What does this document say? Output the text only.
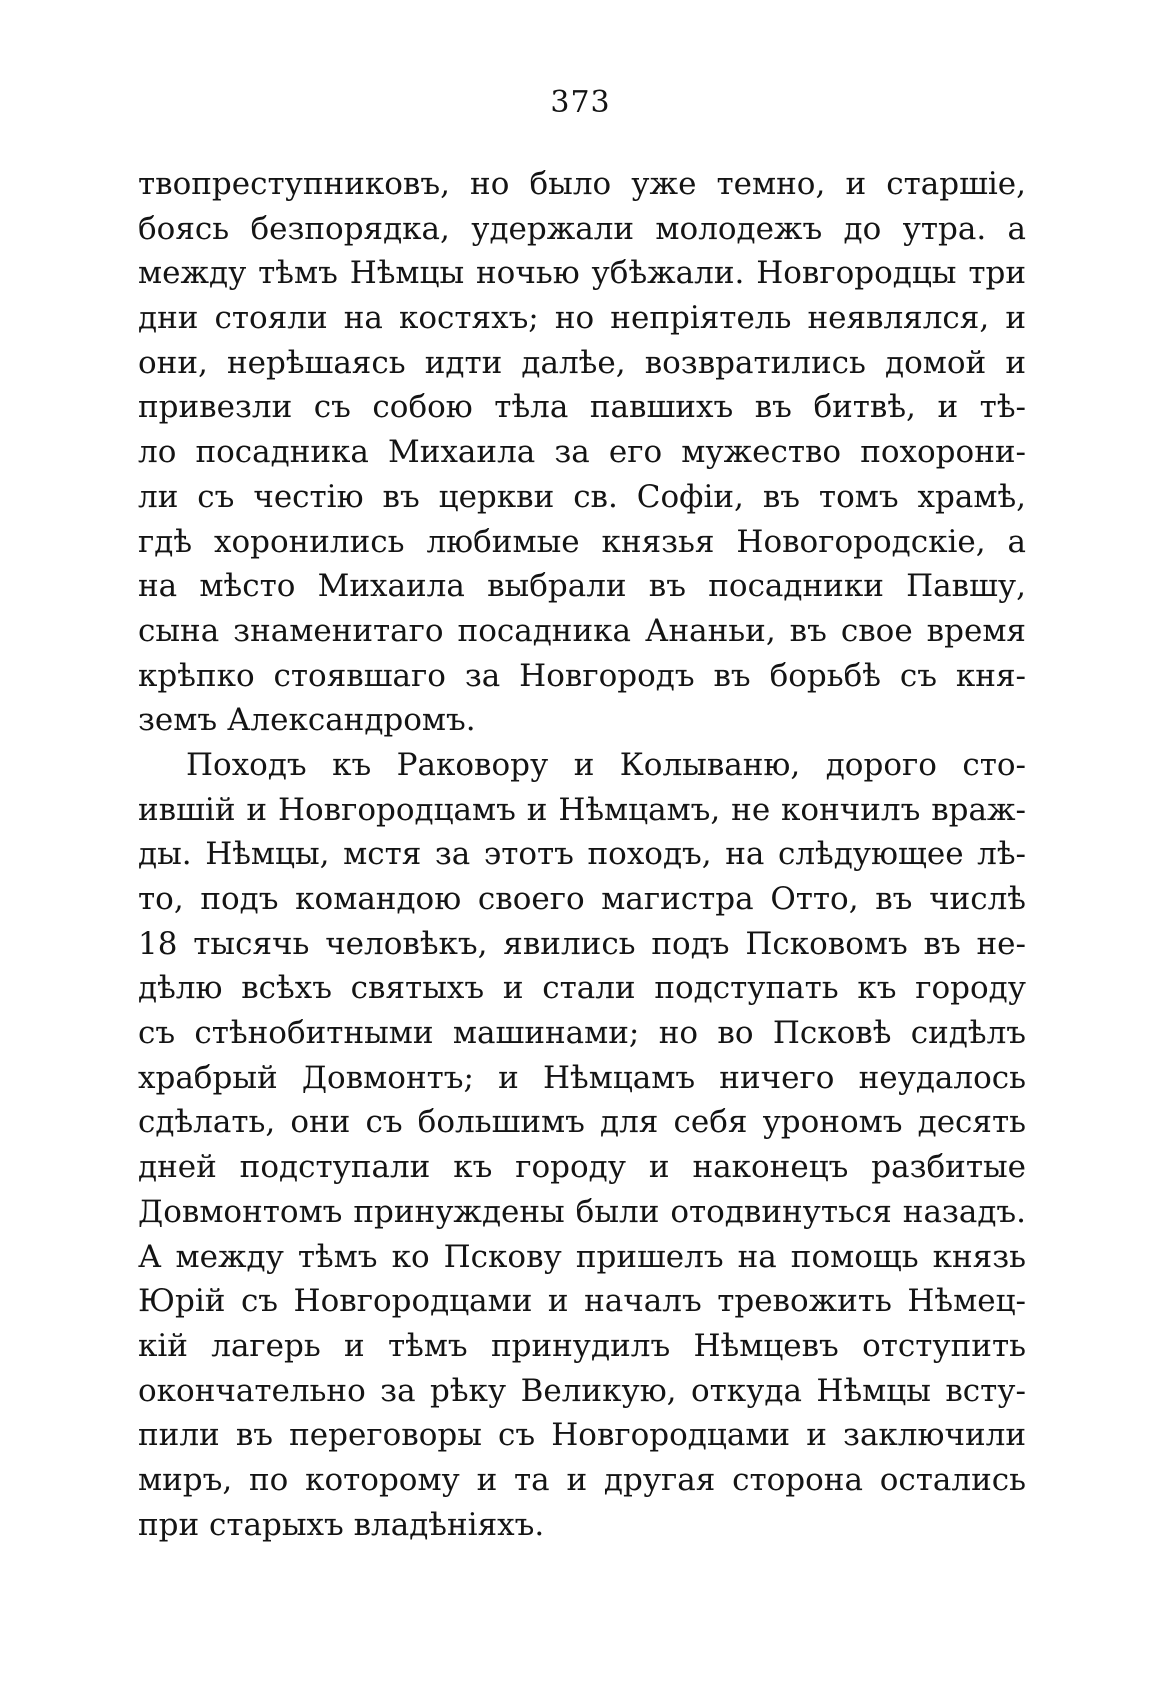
373
твопреступниковъ, но было уже темно, и старшіе,
боясь безпорядка, удержали молодежъ до утра. а
между тѣмъ Нѣмцы ночью убѣжали. Новгородцы три
дни стояли на костяхъ; но непріятель неявлялся, и
они, нерѣшаясь идти далѣе, возвратились домой и
привезли съ собою тѣла павшихъ въ битвѣ, и тѣ-
ло посадника Михаила за его мужество похорони-
ли съ честію въ церкви св. Софіи, въ томъ храмѣ,
гдѣ хоронились любимые князья Новогородскіе, а
на мѣсто Михаила выбрали въ посадники Павшу,
сына знаменитаго посадника Ананьи, въ свое время
крѣпко стоявшаго за Новгородъ въ борьбѣ съ кня-
земъ Александромъ.
Походъ къ Раковору и Колываню, дорого сто-
ившій и Новгородцамъ и Нѣмцамъ, не кончилъ враж-
ды. Нѣмцы, мстя за этотъ походъ, на слѣдующее лѣ-
то, подъ командою своего магистра Отто, въ числѣ
18 тысячь человѣкъ, явились подъ Псковомъ въ не-
дѣлю всѣхъ святыхъ и стали подступать къ городу
съ стѣнобитными машинами; но во Псковѣ сидѣлъ
храбрый Довмонтъ; и Нѣмцамъ ничего неудалось
сдѣлать, они съ большимъ для себя урономъ десять
дней подступали къ городу и наконецъ разбитые
Довмонтомъ принуждены были отодвинуться назадъ.
А между тѣмъ ко Пскову пришелъ на помощь князь
Юрій съ Новгородцами и началъ тревожить Нѣмец-
кій лагерь и тѣмъ принудилъ Нѣмцевъ отступить
окончательно за рѣку Великую, откуда Нѣмцы всту-
пили въ переговоры съ Новгородцами и заключили
миръ, по которому и та и другая сторона остались
при старыхъ владѣніяхъ.
